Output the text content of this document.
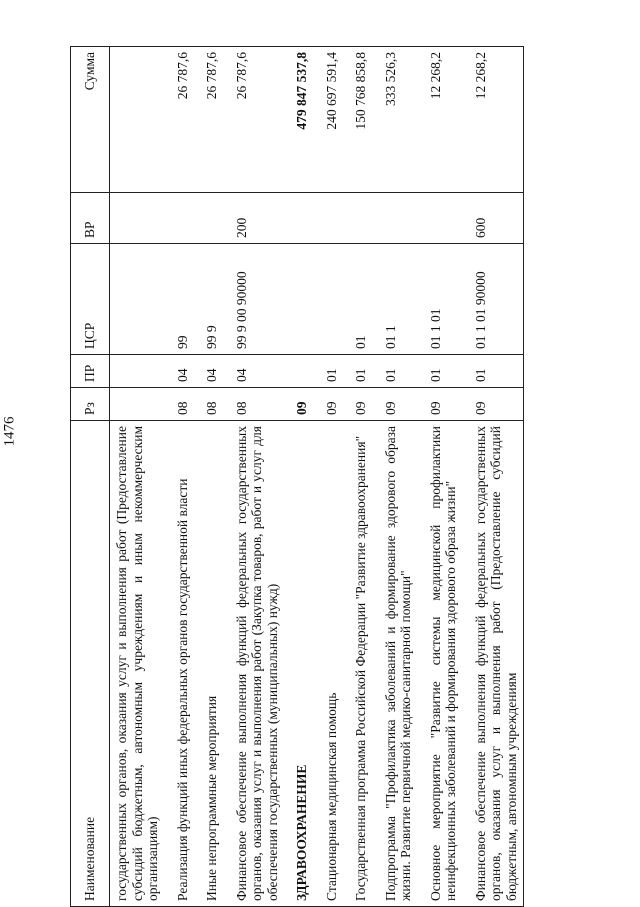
1476
Наименование	Рз	ПР	ЦСР	ВР	Сумма
государственных органов, оказания услуг и выполнения работ (Предоставление субсидий бюджетным, автономным учреждениям и иным некоммерческим организациям)					
Реализация функций иных федеральных органов государственной власти	08	04	99		26 787,6
Иные непрограммные мероприятия	08	04	99 9		26 787,6
Финансовое обеспечение выполнения функций федеральных государственных органов, оказания услуг и выполнения работ (Закупка товаров, работ и услуг для обеспечения государственных (муниципальных) нужд)	08	04	99 9 00 90000	200	26 787,6
ЗДРАВООХРАНЕНИЕ	09				479 847 537,8
Стационарная медицинская помощь	09	01			240 697 591,4
Государственная программа Российской Федерации "Развитие здравоохранения"	09	01	01		150 768 858,8
Подпрограмма "Профилактика заболеваний и формирование здорового образа жизни. Развитие первичной медико-санитарной помощи"	09	01	01 1		333 526,3
Основное мероприятие "Развитие системы медицинской профилактики неинфекционных заболеваний и формирования здорового образа жизни"	09	01	01 1 01		12 268,2
Финансовое обеспечение выполнения функций федеральных государственных органов, оказания услуг и выполнения работ (Предоставление субсидий бюджетным, автономным учреждениям	09	01	01 1 01 90000	600	12 268,2
